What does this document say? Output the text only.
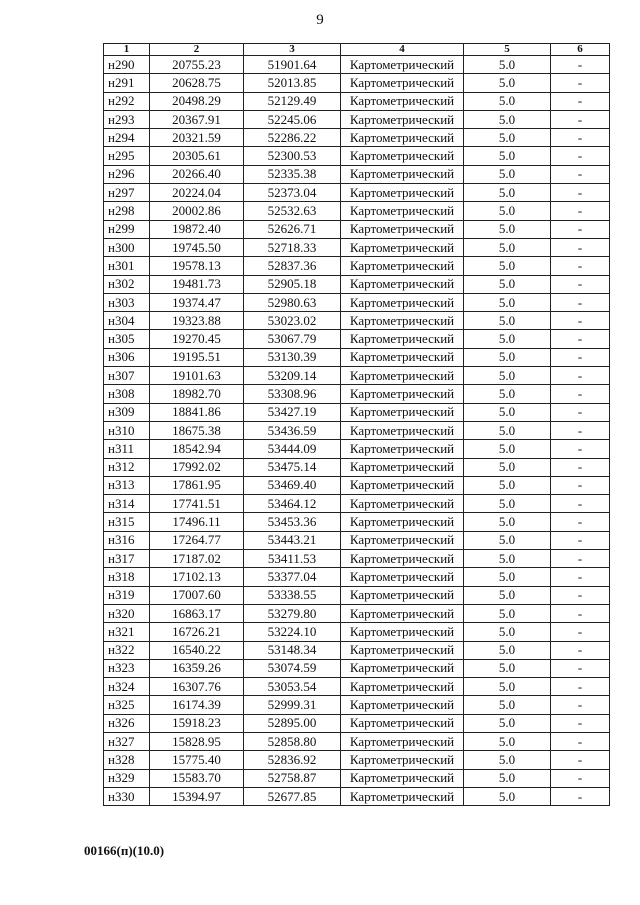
9
1	2	3	4	5	6
н290	20755.23	51901.64	Картометрический	5.0	-
н291	20628.75	52013.85	Картометрический	5.0	-
н292	20498.29	52129.49	Картометрический	5.0	-
н293	20367.91	52245.06	Картометрический	5.0	-
н294	20321.59	52286.22	Картометрический	5.0	-
н295	20305.61	52300.53	Картометрический	5.0	-
н296	20266.40	52335.38	Картометрический	5.0	-
н297	20224.04	52373.04	Картометрический	5.0	-
н298	20002.86	52532.63	Картометрический	5.0	-
н299	19872.40	52626.71	Картометрический	5.0	-
н300	19745.50	52718.33	Картометрический	5.0	-
н301	19578.13	52837.36	Картометрический	5.0	-
н302	19481.73	52905.18	Картометрический	5.0	-
н303	19374.47	52980.63	Картометрический	5.0	-
н304	19323.88	53023.02	Картометрический	5.0	-
н305	19270.45	53067.79	Картометрический	5.0	-
н306	19195.51	53130.39	Картометрический	5.0	-
н307	19101.63	53209.14	Картометрический	5.0	-
н308	18982.70	53308.96	Картометрический	5.0	-
н309	18841.86	53427.19	Картометрический	5.0	-
н310	18675.38	53436.59	Картометрический	5.0	-
н311	18542.94	53444.09	Картометрический	5.0	-
н312	17992.02	53475.14	Картометрический	5.0	-
н313	17861.95	53469.40	Картометрический	5.0	-
н314	17741.51	53464.12	Картометрический	5.0	-
н315	17496.11	53453.36	Картометрический	5.0	-
н316	17264.77	53443.21	Картометрический	5.0	-
н317	17187.02	53411.53	Картометрический	5.0	-
н318	17102.13	53377.04	Картометрический	5.0	-
н319	17007.60	53338.55	Картометрический	5.0	-
н320	16863.17	53279.80	Картометрический	5.0	-
н321	16726.21	53224.10	Картометрический	5.0	-
н322	16540.22	53148.34	Картометрический	5.0	-
н323	16359.26	53074.59	Картометрический	5.0	-
н324	16307.76	53053.54	Картометрический	5.0	-
н325	16174.39	52999.31	Картометрический	5.0	-
н326	15918.23	52895.00	Картометрический	5.0	-
н327	15828.95	52858.80	Картометрический	5.0	-
н328	15775.40	52836.92	Картометрический	5.0	-
н329	15583.70	52758.87	Картометрический	5.0	-
н330	15394.97	52677.85	Картометрический	5.0	-
00166(п)(10.0)
